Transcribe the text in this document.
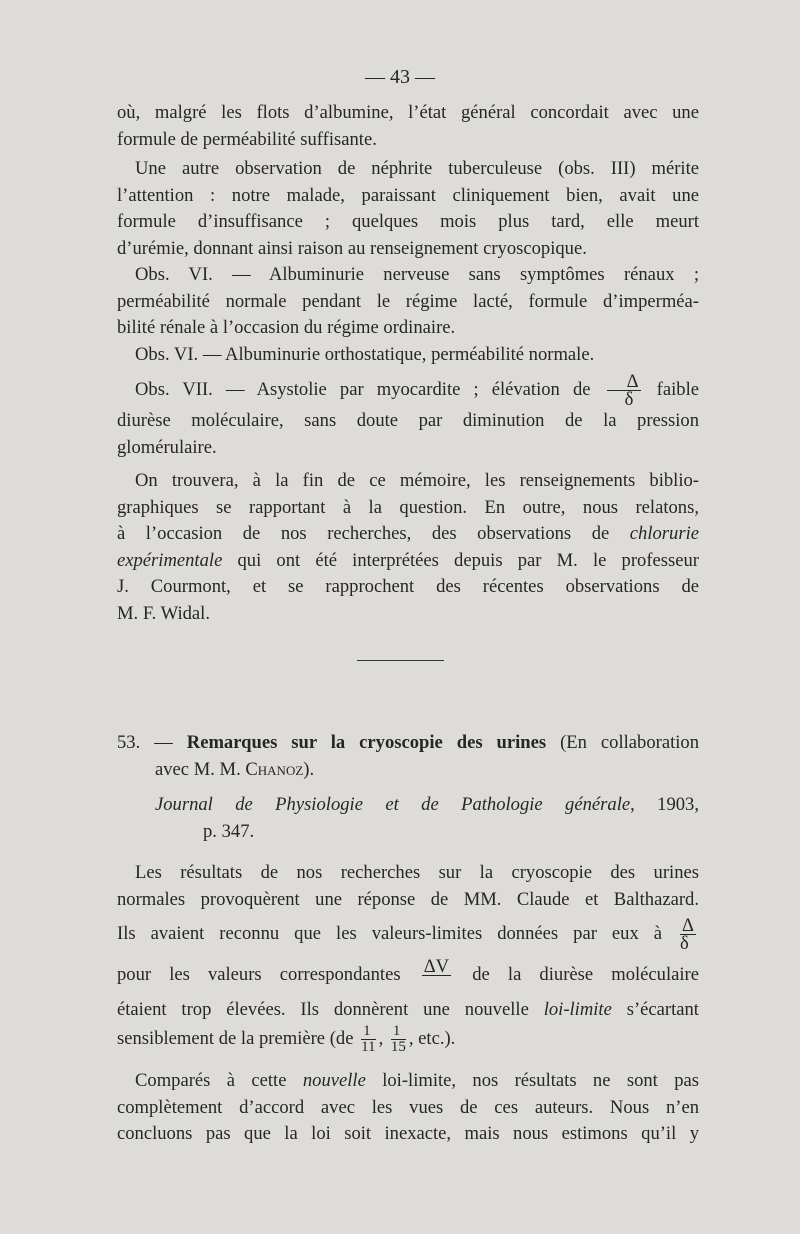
— 43 —

où, malgré les flots d’albumine, l’état général concordait avec une
formule de perméabilité suffisante.

Une autre observation de néphrite tuberculeuse (obs. III) mérite
l’attention : notre malade, paraissant cliniquement bien, avait une
formule d’insuffisance ; quelques mois plus tard, elle meurt
d’urémie, donnant ainsi raison au renseignement cryoscopique.
Obs. VI. — Albuminurie nerveuse sans symptômes rénaux ;
perméabilité normale pendant le régime lacté, formule d’imperméa-
bilité rénale à l’occasion du régime ordinaire.
Obs. VI. — Albuminurie orthostatique, perméabilité normale.

Obs. VII. — Asystolie par myocardite ; élévation de $\frac{\Delta}{\delta}$ faible
diurèse moléculaire, sans doute par diminution de la pression
glomérulaire.

On trouvera, à la fin de ce mémoire, les renseignements biblio-
graphiques se rapportant à la question. En outre, nous relatons,
à l’occasion de nos recherches, des observations de chlorurie
expérimentale qui ont été interprétées depuis par M. le professeur
J. Courmont, et se rapprochent des récentes observations de
M. F. Widal.

53. — Remarques sur la cryoscopie des urines (En collaboration
avec M. M. Chanoz).

Journal de Physiologie et de Pathologie générale, 1903,
p. 347.

Les résultats de nos recherches sur la cryoscopie des urines
normales provoquèrent une réponse de MM. Claude et Balthazard.
Ils avaient reconnu que les valeurs-limites données par eux à $\frac{\Delta}{\delta}$
pour les valeurs correspondantes ΔV de la diurèse moléculaire
étaient trop élevées. Ils donnèrent une nouvelle loi-limite s’écartant
sensiblement de la première ($de \frac{1}{11}$ , $\frac{1}{15}$ , etc.).

Comparés à cette nouvelle loi-limite, nos résultats ne sont pas
complètement d’accord avec les vues de ces auteurs. Nous n’en
concluons pas que la loi soit inexacte, mais nous estimons qu’il y
